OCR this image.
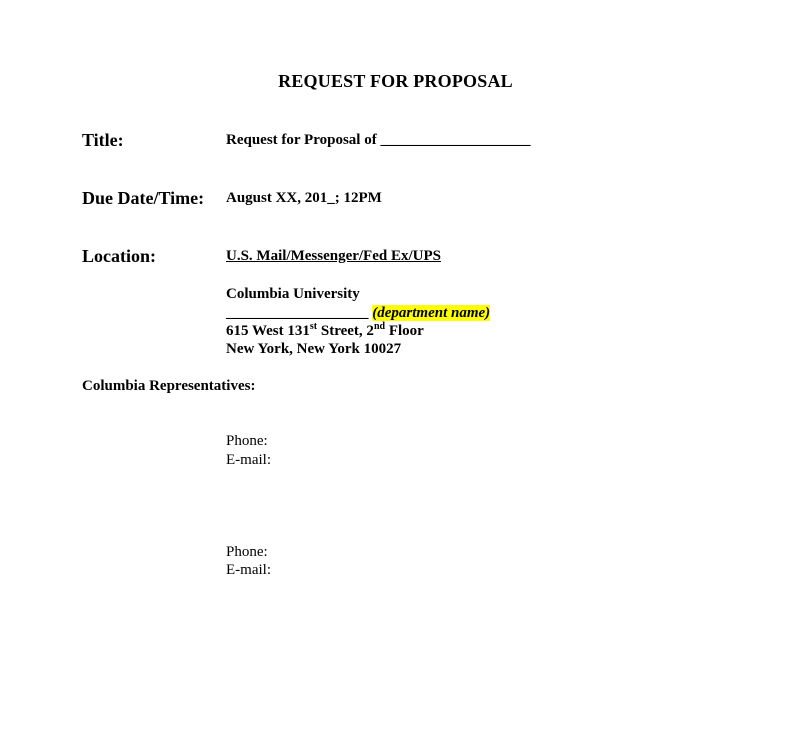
REQUEST FOR PROPOSAL
Title:	Request for Proposal of ____________________
Due Date/Time: August XX, 201_; 12PM
Location:	U.S. Mail/Messenger/Fed Ex/UPS
Columbia University
___________________ (department name)
615 West 131st Street, 2nd Floor
New York, New York 10027
Columbia Representatives:
Phone:
E-mail:
Phone:
E-mail:
